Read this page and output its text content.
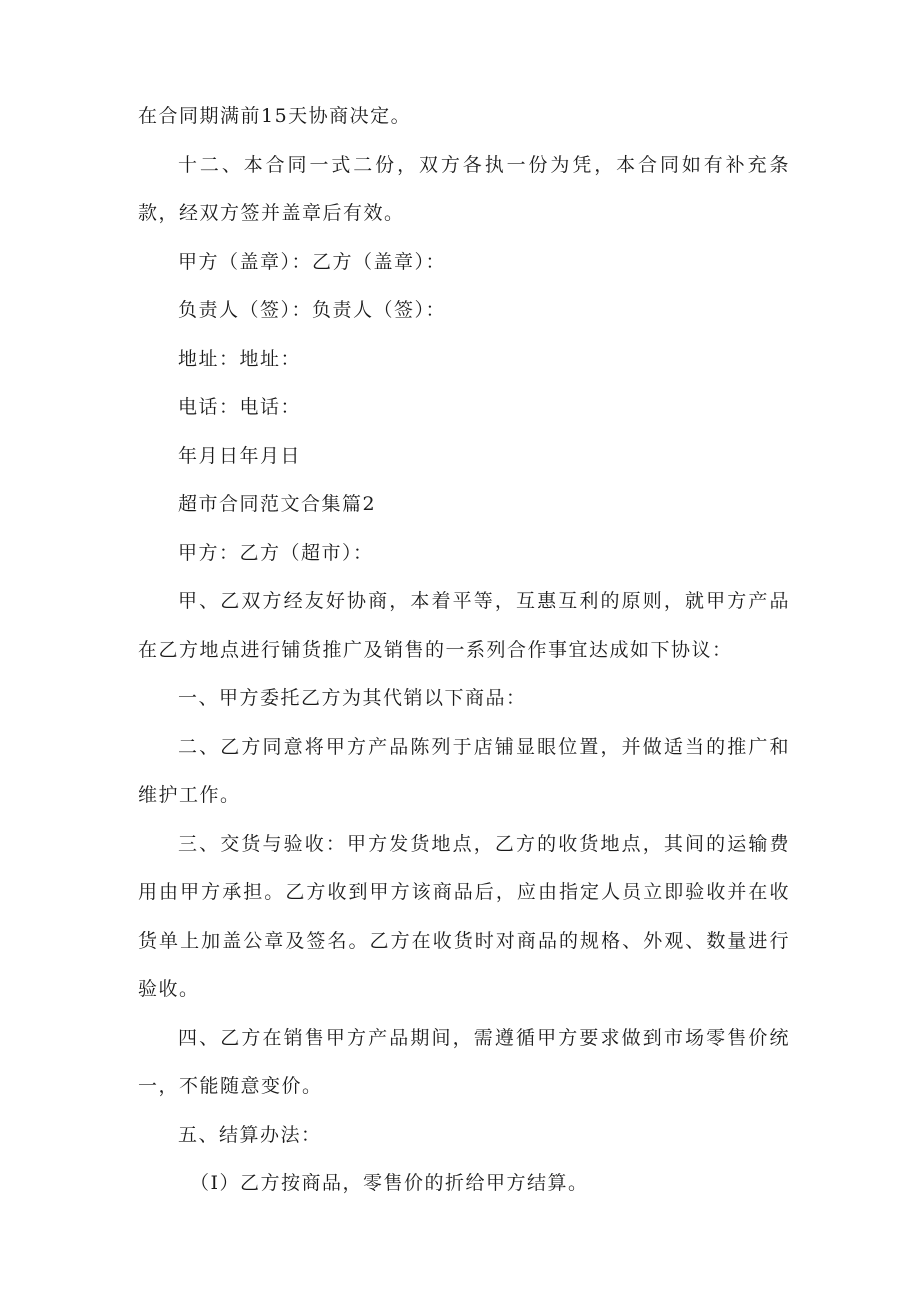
在合同期满前15天协商决定。

十二、本合同一式二份，双方各执一份为凭，本合同如有补充条款，经双方签并盖章后有效。

甲方（盖章）：乙方（盖章）：

负责人（签）：负责人（签）：

地址：地址：

电话：电话：

年月日年月日

超市合同范文合集篇2

甲方：乙方（超市）：

甲、乙双方经友好协商，本着平等，互惠互利的原则，就甲方产品在乙方地点进行铺货推广及销售的一系列合作事宜达成如下协议：

一、甲方委托乙方为其代销以下商品：

二、乙方同意将甲方产品陈列于店铺显眼位置，并做适当的推广和维护工作。

三、交货与验收：甲方发货地点，乙方的收货地点，其间的运输费用由甲方承担。乙方收到甲方该商品后，应由指定人员立即验收并在收货单上加盖公章及签名。乙方在收货时对商品的规格、外观、数量进行验收。

四、乙方在销售甲方产品期间，需遵循甲方要求做到市场零售价统一，不能随意变价。

五、结算办法：

（I）乙方按商品，零售价的折给甲方结算。
